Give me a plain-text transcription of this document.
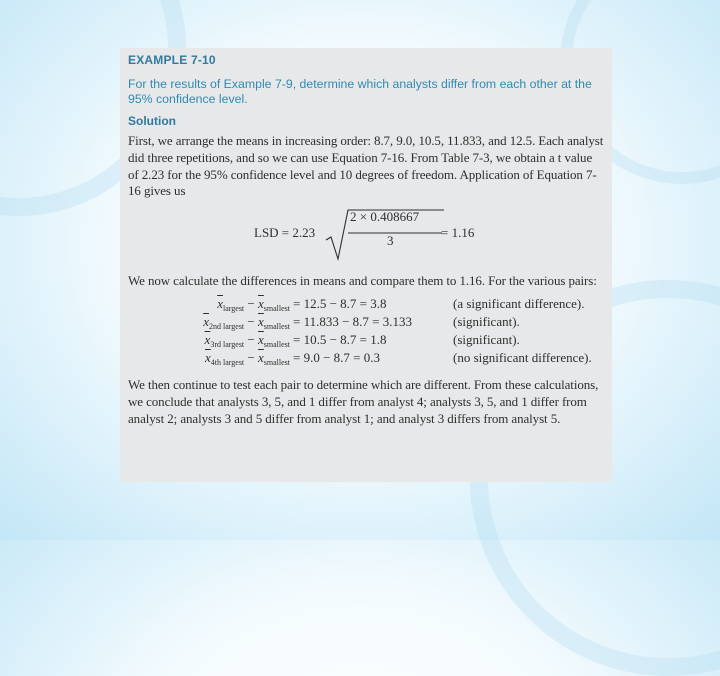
EXAMPLE 7-10
For the results of Example 7-9, determine which analysts differ from each other at the 95% confidence level.
Solution

First, we arrange the means in increasing order: 8.7, 9.0, 10.5, 11.833, and 12.5. Each analyst did three repetitions, and so we can use Equation 7-16. From Table 7-3, we obtain a t value of 2.23 for the 95% confidence level and 10 degrees of freedom. Application of Equation 7-16 gives us

LSD = 2.23
2 × 0.408667
3
= 1.16

We now calculate the differences in means and compare them to 1.16. For the various pairs:

$\overline{x}_{largest} - \overline{x}_{smallest} = 12.5 - 8.7 = 3.8$	(a significant difference).
$\overline{x}_{2nd largest} - \overline{x}_{smallest} = 11.833 - 8.7 = 3.133$	(significant).
$\overline{x}_{3rd largest} - \overline{x}_{smallest} = 10.5 - 8.7 = 1.8$	(significant).
$\overline{x}_{4th largest} - \overline{x}_{smallest} = 9.0 - 8.7 = 0.3$	(no significant difference).

We then continue to test each pair to determine which are different. From these calculations, we conclude that analysts 3, 5, and 1 differ from analyst 4; analysts 3, 5, and 1 differ from analyst 2; analysts 3 and 5 differ from analyst 1; and analyst 3 differs from analyst 5.
